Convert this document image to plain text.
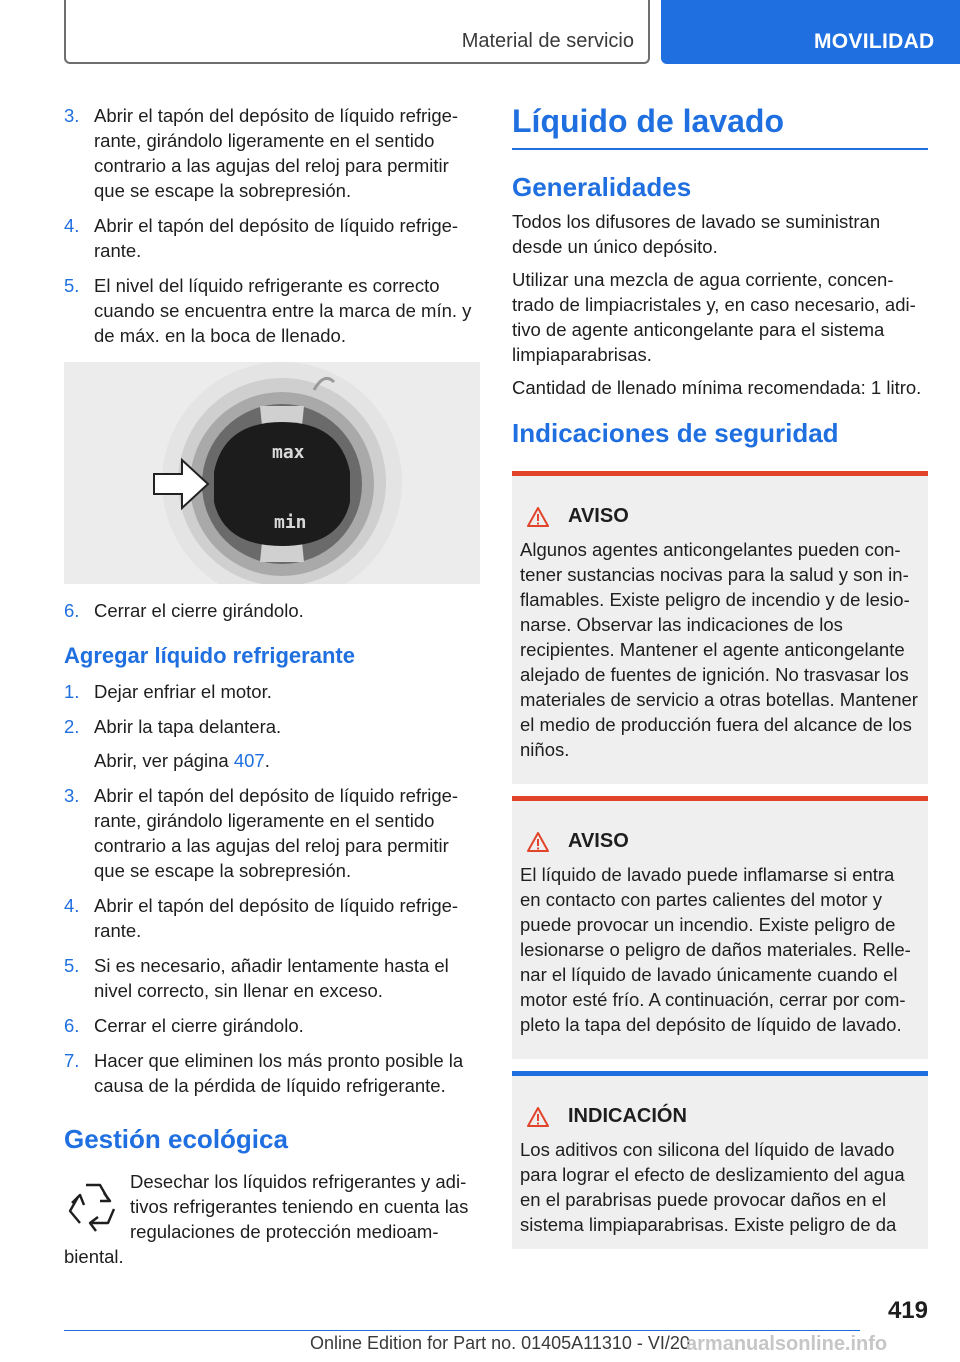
Material de servicio	MOVILIDAD
3. Abrir el tapón del depósito de líquido refrigerante, girándolo ligeramente en el sentido contrario a las agujas del reloj para permitir que se escape la sobrepresión.
4. Abrir el tapón del depósito de líquido refrigerante.
5. El nivel del líquido refrigerante es correcto cuando se encuentra entre la marca de mín. y de máx. en la boca de llenado.
max
min
6. Cerrar el cierre girándolo.
Agregar líquido refrigerante
1. Dejar enfriar el motor.
2. Abrir la tapa delantera.
Abrir, ver página 407.
3. Abrir el tapón del depósito de líquido refrigerante, girándolo ligeramente en el sentido contrario a las agujas del reloj para permitir que se escape la sobrepresión.
4. Abrir el tapón del depósito de líquido refrigerante.
5. Si es necesario, añadir lentamente hasta el nivel correcto, sin llenar en exceso.
6. Cerrar el cierre girándolo.
7. Hacer que eliminen los más pronto posible la causa de la pérdida de líquido refrigerante.
Gestión ecológica
Desechar los líquidos refrigerantes y aditivos refrigerantes teniendo en cuenta las regulaciones de protección medioambiental.
Líquido de lavado
Generalidades

Todos los difusores de lavado se suministran desde un único depósito.

Utilizar una mezcla de agua corriente, concentrado de limpiacristales y, en caso necesario, aditivo de agente anticongelante para el sistema limpiaparabrisas.

Cantidad de llenado mínima recomendada: 1 litro.

Indicaciones de seguridad
AVISO
Algunos agentes anticongelantes pueden contener sustancias nocivas para la salud y son inflamables. Existe peligro de incendio y de lesionarse. Observar las indicaciones de los recipientes. Mantener el agente anticongelante alejado de fuentes de ignición. No trasvasar los materiales de servicio a otras botellas. Mantener el medio de producción fuera del alcance de los niños.
AVISO
El líquido de lavado puede inflamarse si entra en contacto con partes calientes del motor y puede provocar un incendio. Existe peligro de lesionarse o peligro de daños materiales. Rellenar el líquido de lavado únicamente cuando el motor esté frío. A continuación, cerrar por completo la tapa del depósito de líquido de lavado.
INDICACIÓN
Los aditivos con silicona del líquido de lavado para lograr el efecto de deslizamiento del agua en el parabrisas puede provocar daños en el sistema limpiaparabrisas. Existe peligro de da
419
Online Edition for Part no. 01405A11310 - VI/20
armanualsonline.info
